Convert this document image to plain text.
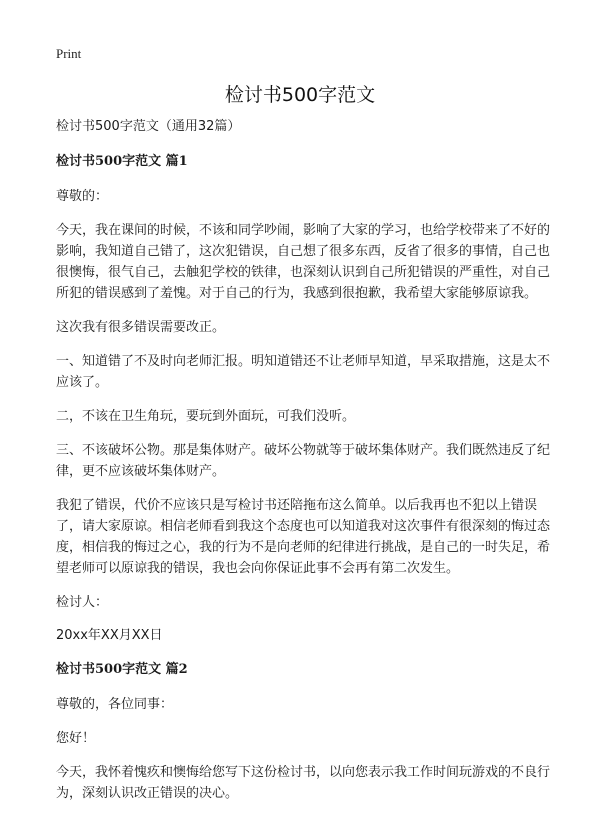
Print
检讨书500字范文

检讨书500字范文（通用32篇）

检讨书500字范文 篇1

尊敬的：

今天，我在课间的时候，不该和同学吵闹，影响了大家的学习，也给学校带来了不好的影响，我知道自己错了，这次犯错误，自己想了很多东西，反省了很多的事情，自己也很懊悔，很气自己，去触犯学校的铁律，也深刻认识到自己所犯错误的严重性，对自己所犯的错误感到了羞愧。对于自己的行为，我感到很抱歉，我希望大家能够原谅我。

这次我有很多错误需要改正。

一、知道错了不及时向老师汇报。明知道错还不让老师早知道，早采取措施，这是太不应该了。

二，不该在卫生角玩，要玩到外面玩，可我们没听。

三、不该破坏公物。那是集体财产。破坏公物就等于破坏集体财产。我们既然违反了纪律，更不应该破坏集体财产。

我犯了错误，代价不应该只是写检讨书还陪拖布这么简单。以后我再也不犯以上错误了，请大家原谅。相信老师看到我这个态度也可以知道我对这次事件有很深刻的悔过态度，相信我的悔过之心，我的行为不是向老师的纪律进行挑战，是自己的一时失足，希望老师可以原谅我的错误，我也会向你保证此事不会再有第二次发生。

检讨人：

20xx年XX月XX日

检讨书500字范文 篇2

尊敬的，各位同事：

您好！

今天，我怀着愧疚和懊悔给您写下这份检讨书，以向您表示我工作时间玩游戏的不良行为，深刻认识改正错误的决心。
